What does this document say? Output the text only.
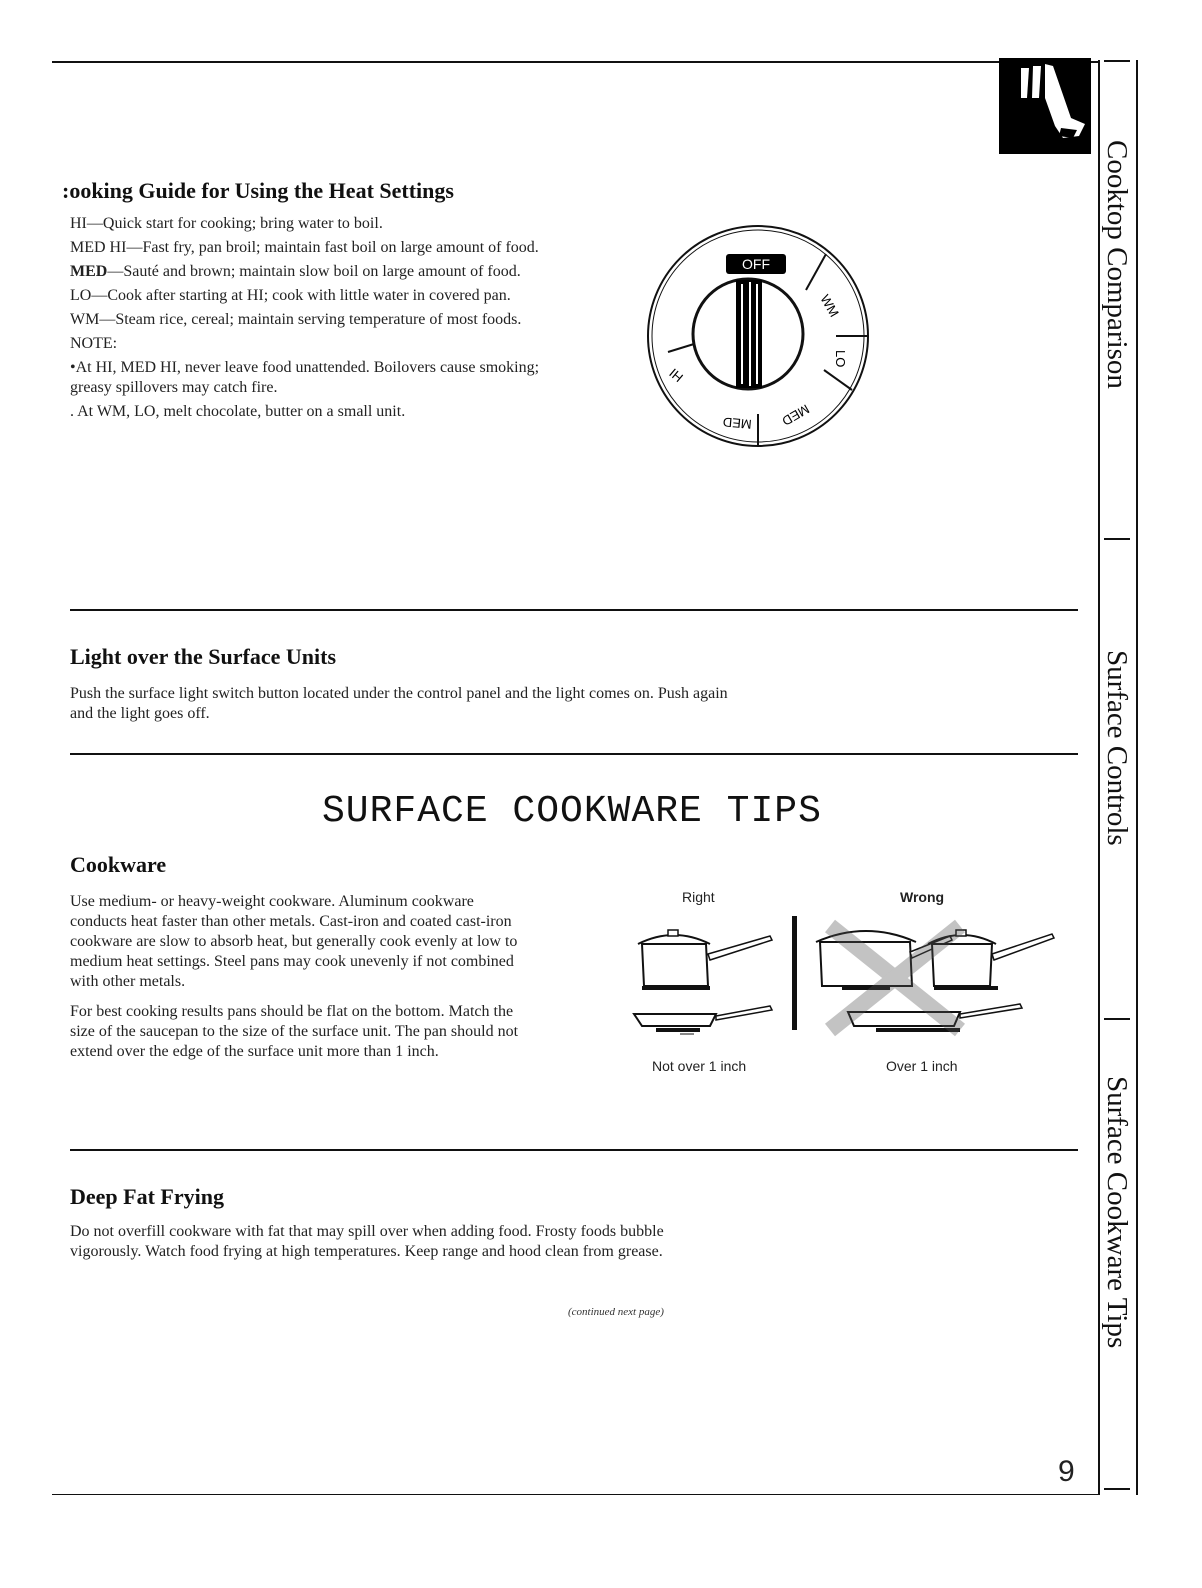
Cooktop Comparison
Surface Controls
Surface Cookware Tips
:ooking Guide for Using the Heat Settings
HI—Quick start for cooking; bring water to boil.
MED HI—Fast fry, pan broil; maintain fast boil on large amount of food.
MED—Sauté and brown; maintain slow boil on large amount of food.
LO—Cook after starting at HI; cook with little water in covered pan.
WM—Steam rice, cereal; maintain serving temperature of most foods.
NOTE:
•At HI, MED HI, never leave food unattended. Boilovers cause smoking; greasy spillovers may catch fire.
. At WM, LO, melt chocolate, butter on a small unit.
OFF
WM
LO
MED
MED
HI
Light over the Surface Units
Push the surface light switch button located under the control panel and the light comes on. Push again and the light goes off.
SURFACE COOKWARE TIPS
Cookware
Use medium- or heavy-weight cookware. Aluminum cookware conducts heat faster than other metals. Cast-iron and coated cast-iron cookware are slow to absorb heat, but generally cook evenly at low to medium heat settings. Steel pans may cook unevenly if not combined with other metals.
For best cooking results pans should be flat on the bottom. Match the size of the saucepan to the size of the surface unit. The pan should not extend over the edge of the surface unit more than 1 inch.
Right	Wrong
Not over 1 inch	Over 1 inch
Deep Fat Frying
Do not overfill cookware with fat that may spill over when adding food. Frosty foods bubble vigorously. Watch food frying at high temperatures. Keep range and hood clean from grease.
(continued next page)
9
